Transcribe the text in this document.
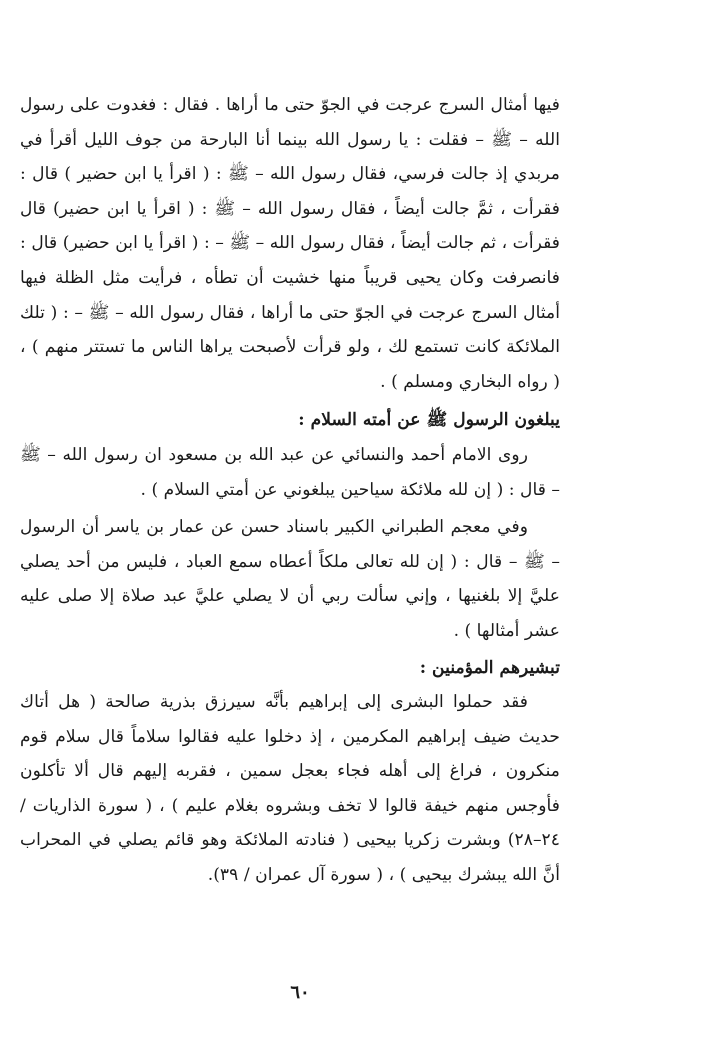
فيها أمثال السرج عرجت في الجوّ حتى ما أراها . فقال : فغدوت على رسول الله – ﷺ – فقلت : يا رسول الله بينما أنا البارحة من جوف الليل أقرأ في مربدي إذ جالت فرسي، فقال رسول الله – ﷺ : ( اقرأ يا ابن حضير ) قال : فقرأت ، ثمَّ جالت أيضاً ، فقال رسول الله – ﷺ : ( اقرأ يا ابن حضير) قال فقرأت ، ثم جالت أيضاً ، فقال رسول الله – ﷺ – : ( اقرأ يا ابن حضير) قال : فانصرفت وكان يحيى قريباً منها خشيت أن تطأه ، فرأيت مثل الظلة فيها أمثال السرج عرجت في الجوّ حتى ما أراها ، فقال رسول الله – ﷺ – : ( تلك الملائكة كانت تستمع لك ، ولو قرأت لأصبحت يراها الناس ما تستتر منهم ) ، ( رواه البخاري ومسلم ) .

يبلغون الرسول ﷺ عن أمته السلام :

روى الامام أحمد والنسائي عن عبد الله بن مسعود ان رسول الله – ﷺ – قال : ( إن لله ملائكة سياحين يبلغوني عن أمتي السلام ) .

وفي معجم الطبراني الكبير باسناد حسن عن عمار بن ياسر أن الرسول – ﷺ – قال : ( إن لله تعالى ملكاً أعطاه سمع العباد ، فليس من أحد يصلي عليَّ إلا بلغنيها ، وإني سألت ربي أن لا يصلي عليَّ عبد صلاة إلا صلى عليه عشر أمثالها ) .

تبشيرهم المؤمنين :

فقد حملوا البشرى إلى إبراهيم بأنَّه سيرزق بذرية صالحة ( هل أتاك حديث ضيف إبراهيم المكرمين ، إذ دخلوا عليه فقالوا سلاماً قال سلام قوم منكرون ، فراغ إلى أهله فجاء بعجل سمين ، فقربه إليهم قال ألا تأكلون فأوجس منهم خيفة قالوا لا تخف وبشروه بغلام عليم ) ، ( سورة الذاريات / ٢٤–٢٨) وبشرت زكريا بيحيى ( فنادته الملائكة وهو قائم يصلي في المحراب أنَّ الله يبشرك بيحيى ) ، ( سورة آل عمران / ٣٩).

٦٠
